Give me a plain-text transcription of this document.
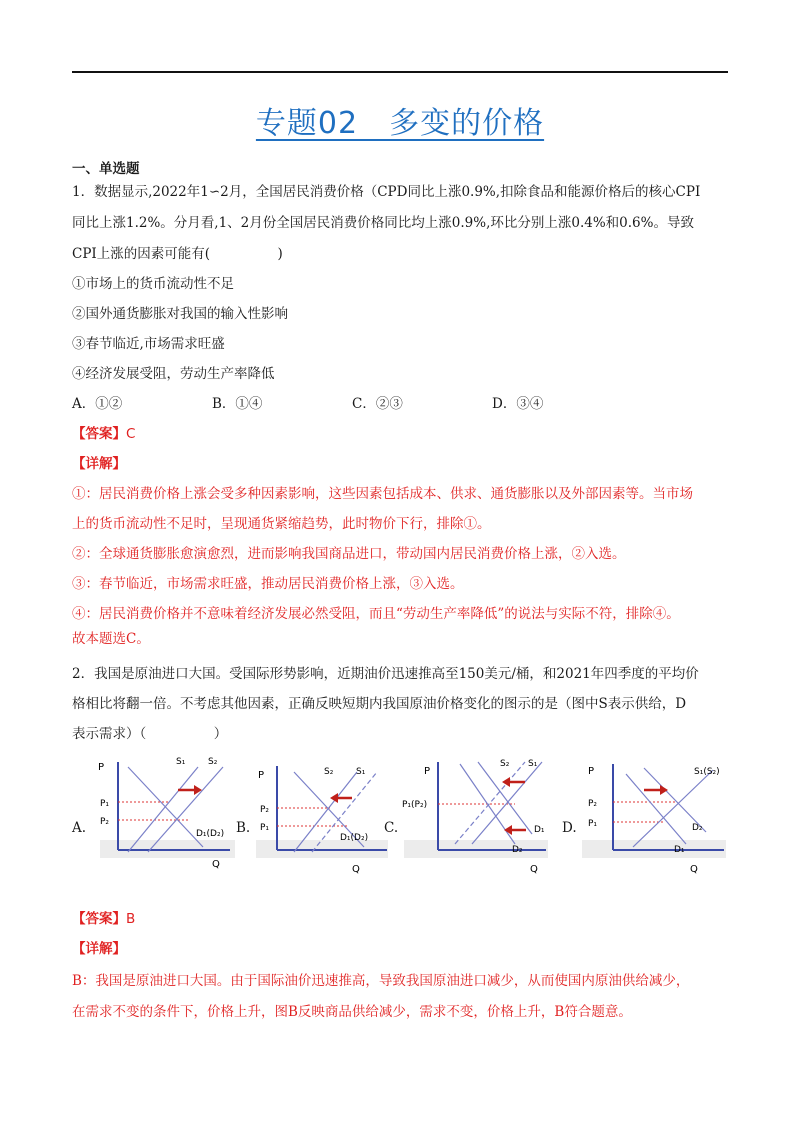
专题02　多变的价格
一、单选题
1．数据显示,2022年1∽2月，全国居民消费价格（CPD同比上涨0.9%,扣除食品和能源价格后的核心CPI
同比上涨1.2%。分月看,1、2月份全国居民消费价格同比均上涨0.9%,环比分别上涨0.4%和0.6%。导致
CPI上涨的因素可能有(　　　　　)
①市场上的货币流动性不足
②国外通货膨胀对我国的输入性影响
③春节临近,市场需求旺盛
④经济发展受阻，劳动生产率降低
A．①②	B．①④	C．②③	D．③④
【答案】C
【详解】
①：居民消费价格上涨会受多种因素影响，这些因素包括成本、供求、通货膨胀以及外部因素等。当市场
上的货币流动性不足时，呈现通货紧缩趋势，此时物价下行，排除①。
②：全球通货膨胀愈演愈烈，进而影响我国商品进口，带动国内居民消费价格上涨，②入选。
③：春节临近，市场需求旺盛，推动居民消费价格上涨，③入选。
④：居民消费价格并不意味着经济发展必然受阻，而且“劳动生产率降低”的说法与实际不符，排除④。
故本题选C。
2．我国是原油进口大国。受国际形势影响，近期油价迅速推高至150美元/桶，和2021年四季度的平均价
格相比将翻一倍。不考虑其他因素，正确反映短期内我国原油价格变化的图示的是（图中S表示供给，D
表示需求）（　　　　　）
A.
P
Q
P₁
P₂
S₁	S₂
D₁(D₂) B.
P
Q
P₂
P₁
S₂	S₁
D₁(D₂)
C.
P
Q
P₁(P₂)
S₂ S₁
D₁
D₂
D.
P
Q
P₂
P₁
S₁(S₂)
D₂
D₁
【答案】B
【详解】
B：我国是原油进口大国。由于国际油价迅速推高，导致我国原油进口减少，从而使国内原油供给减少，
在需求不变的条件下，价格上升，图B反映商品供给减少，需求不变，价格上升，B符合题意。
